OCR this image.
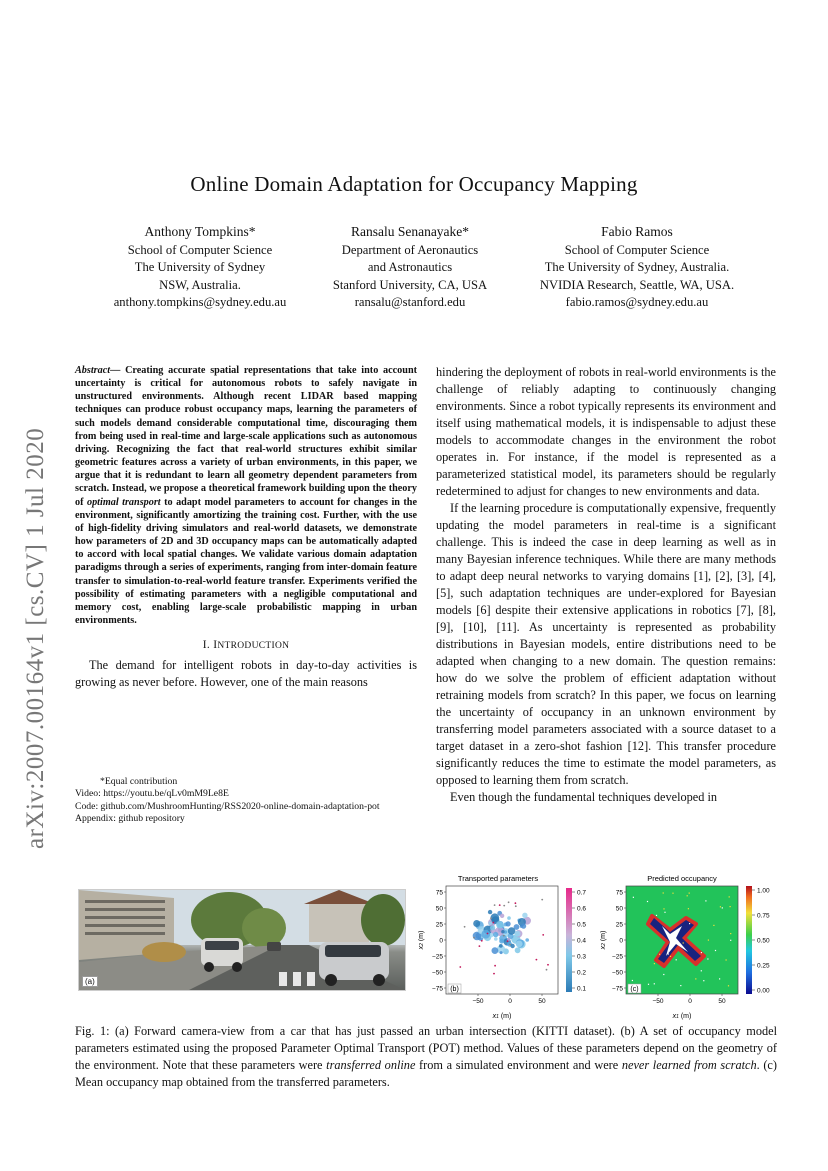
arXiv:2007.00164v1 [cs.CV] 1 Jul 2020
Online Domain Adaptation for Occupancy Mapping
Anthony Tompkins*
School of Computer Science
The University of Sydney
NSW, Australia.
anthony.tompkins@sydney.edu.au
Ransalu Senanayake*
Department of Aeronautics
and Astronautics
Stanford University, CA, USA
ransalu@stanford.edu
Fabio Ramos
School of Computer Science
The University of Sydney, Australia.
NVIDIA Research, Seattle, WA, USA.
fabio.ramos@sydney.edu.au

Abstract— Creating accurate spatial representations that take into account uncertainty is critical for autonomous robots to safely navigate in unstructured environments. Although recent LIDAR based mapping techniques can produce robust occupancy maps, learning the parameters of such models demand considerable computational time, discouraging them from being used in real-time and large-scale applications such as autonomous driving. Recognizing the fact that real-world structures exhibit similar geometric features across a variety of urban environments, in this paper, we argue that it is redundant to learn all geometry dependent parameters from scratch. Instead, we propose a theoretical framework building upon the theory of optimal transport to adapt model parameters to account for changes in the environment, significantly amortizing the training cost. Further, with the use of high-fidelity driving simulators and real-world datasets, we demonstrate how parameters of 2D and 3D occupancy maps can be automatically adapted to accord with local spatial changes. We validate various domain adaptation paradigms through a series of experiments, ranging from inter-domain feature transfer to simulation-to-real-world feature transfer. Experiments verified the possibility of estimating parameters with a negligible computational and memory cost, enabling large-scale probabilistic mapping in urban environments.

I. INTRODUCTION

The demand for intelligent robots in day-to-day activities is growing as never before. However, one of the main reasons

*Equal contribution
Video: https://youtu.be/qLv0mM9Le8E
Code: github.com/MushroomHunting/RSS2020-online-domain-adaptation-pot
Appendix: github repository

hindering the deployment of robots in real-world environments is the challenge of reliably adapting to continuously changing environments. Since a robot typically represents its environment and itself using mathematical models, it is indispensable to adjust these models to accommodate changes in the environment the robot operates in. For instance, if the model is represented as a parameterized statistical model, its parameters should be regularly redetermined to adjust for changes to new environments and data.

If the learning procedure is computationally expensive, frequently updating the model parameters in real-time is a significant challenge. This is indeed the case in deep learning as well as in many Bayesian inference techniques. While there are many methods to adapt deep neural networks to varying domains [1], [2], [3], [4], [5], such adaptation techniques are under-explored for Bayesian models [6] despite their extensive applications in robotics [7], [8], [9], [10], [11]. As uncertainty is represented as probability distributions in Bayesian models, entire distributions need to be adapted when changing to a new domain. The question remains: how do we solve the problem of efficient adaptation without retraining models from scratch? In this paper, we focus on learning the uncertainty of occupancy in an unknown environment by transferring model parameters associated with a source dataset to a target dataset in a zero-shot fashion [12]. This transfer procedure significantly reduces the time to estimate the model parameters, as opposed to learning them from scratch.

Even though the fundamental techniques developed in

(a)
Transported parameters
75
50
25
0
−25
−50
−75
−50	0	50
x2 (m)
x1 (m)
0.7
0.6
0.5
0.4
0.3
0.2
0.1
(b)
Predicted occupancy
75
50
25
0
−25
−50
−75
−50	0	50
x2 (m)
x1 (m)
1.00
0.75
0.50
0.25
0.00
(c)
Fig. 1: (a) Forward camera-view from a car that has just passed an urban intersection (KITTI dataset). (b) A set of occupancy model parameters estimated using the proposed Parameter Optimal Transport (POT) method. Values of these parameters depend on the geometry of the environment. Note that these parameters were transferred online from a simulated environment and were never learned from scratch. (c) Mean occupancy map obtained from the transferred parameters.
